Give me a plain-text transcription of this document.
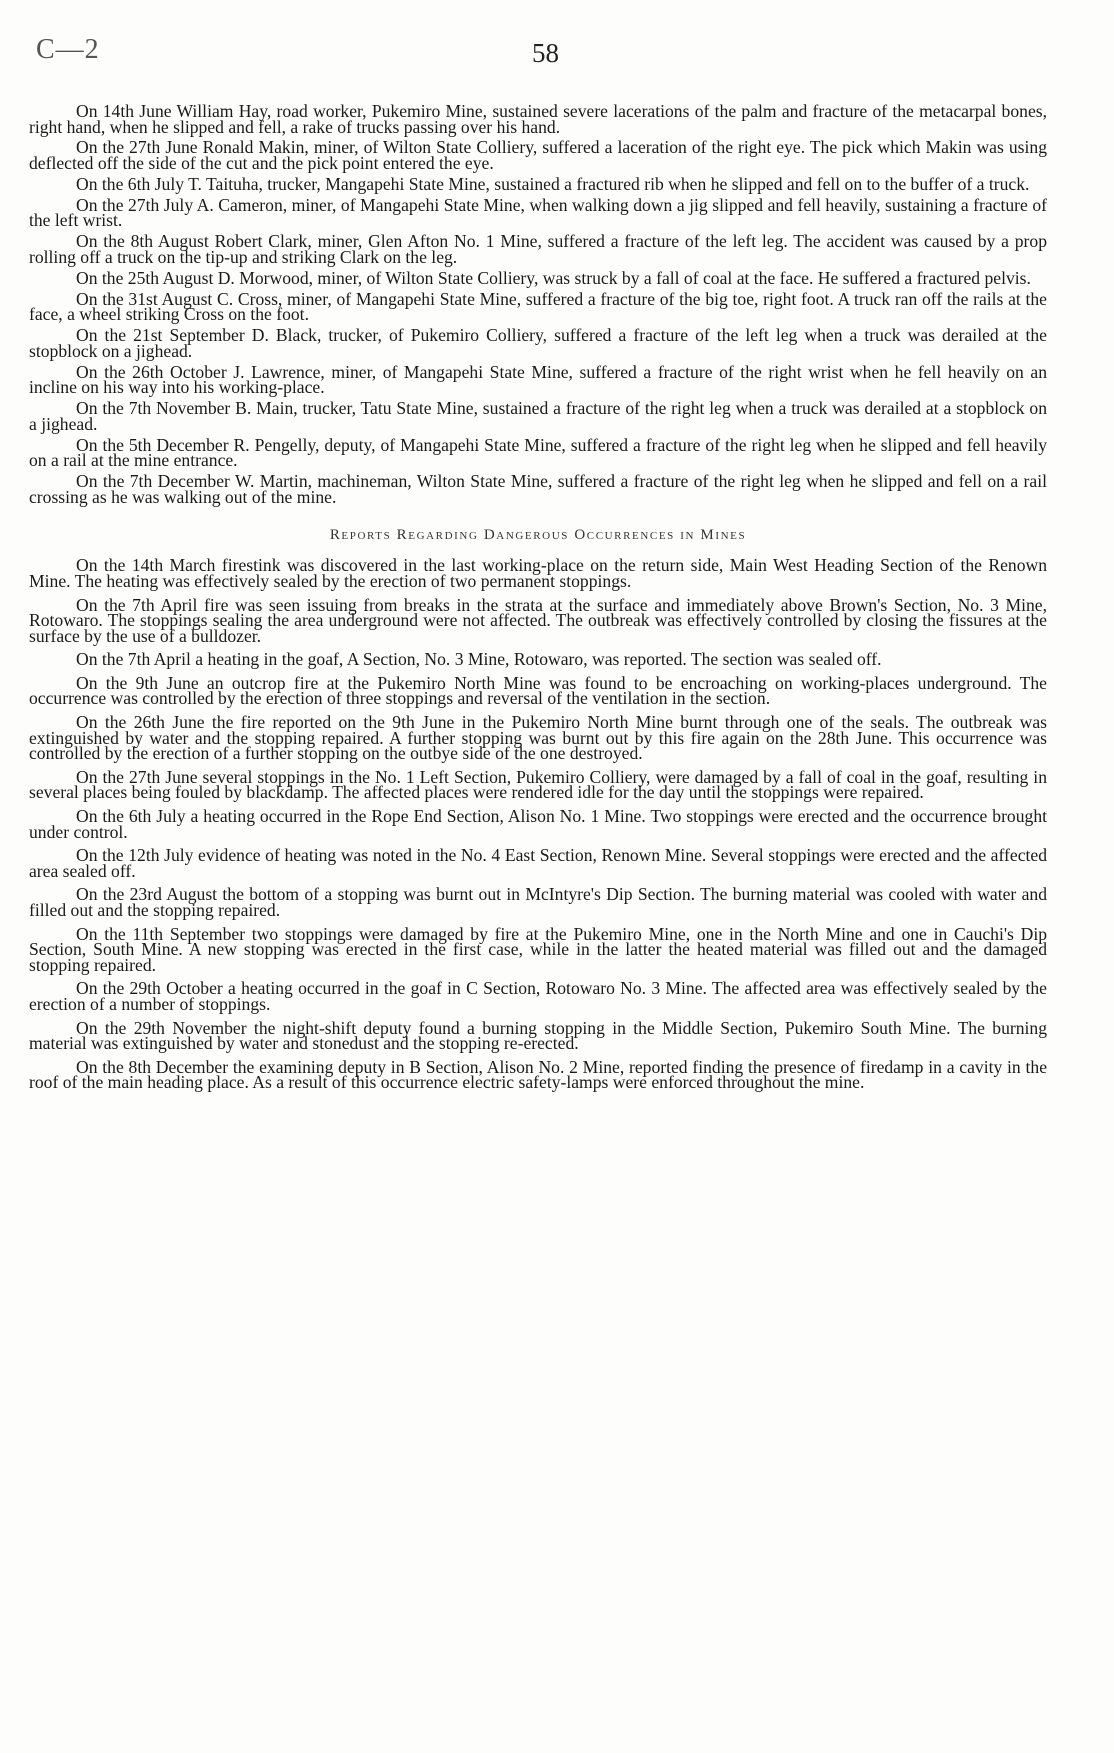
C—2	58

On 14th June William Hay, road worker, Pukemiro Mine, sustained severe lacerations of the palm and fracture of the metacarpal bones, right hand, when he slipped and fell, a rake of trucks passing over his hand.

On the 27th June Ronald Makin, miner, of Wilton State Colliery, suffered a laceration of the right eye. The pick which Makin was using deflected off the side of the cut and the pick point entered the eye.

On the 6th July T. Taituha, trucker, Mangapehi State Mine, sustained a fractured rib when he slipped and fell on to the buffer of a truck.

On the 27th July A. Cameron, miner, of Mangapehi State Mine, when walking down a jig slipped and fell heavily, sustaining a fracture of the left wrist.

On the 8th August Robert Clark, miner, Glen Afton No. 1 Mine, suffered a fracture of the left leg. The accident was caused by a prop rolling off a truck on the tip-up and striking Clark on the leg.

On the 25th August D. Morwood, miner, of Wilton State Colliery, was struck by a fall of coal at the face. He suffered a fractured pelvis.

On the 31st August C. Cross, miner, of Mangapehi State Mine, suffered a fracture of the big toe, right foot. A truck ran off the rails at the face, a wheel striking Cross on the foot.

On the 21st September D. Black, trucker, of Pukemiro Colliery, suffered a fracture of the left leg when a truck was derailed at the stopblock on a jighead.

On the 26th October J. Lawrence, miner, of Mangapehi State Mine, suffered a fracture of the right wrist when he fell heavily on an incline on his way into his working-place.

On the 7th November B. Main, trucker, Tatu State Mine, sustained a fracture of the right leg when a truck was derailed at a stopblock on a jighead.

On the 5th December R. Pengelly, deputy, of Mangapehi State Mine, suffered a fracture of the right leg when he slipped and fell heavily on a rail at the mine entrance.

On the 7th December W. Martin, machineman, Wilton State Mine, suffered a fracture of the right leg when he slipped and fell on a rail crossing as he was walking out of the mine.

Reports Regarding Dangerous Occurrences in Mines

On the 14th March firestink was discovered in the last working-place on the return side, Main West Heading Section of the Renown Mine. The heating was effectively sealed by the erection of two permanent stoppings.

On the 7th April fire was seen issuing from breaks in the strata at the surface and immediately above Brown's Section, No. 3 Mine, Rotowaro. The stoppings sealing the area underground were not affected. The outbreak was effectively controlled by closing the fissures at the surface by the use of a bulldozer.

On the 7th April a heating in the goaf, A Section, No. 3 Mine, Rotowaro, was reported. The section was sealed off.

On the 9th June an outcrop fire at the Pukemiro North Mine was found to be encroaching on working-places underground. The occurrence was controlled by the erection of three stoppings and reversal of the ventilation in the section.

On the 26th June the fire reported on the 9th June in the Pukemiro North Mine burnt through one of the seals. The outbreak was extinguished by water and the stopping repaired. A further stopping was burnt out by this fire again on the 28th June. This occurrence was controlled by the erection of a further stopping on the outbye side of the one destroyed.

On the 27th June several stoppings in the No. 1 Left Section, Pukemiro Colliery, were damaged by a fall of coal in the goaf, resulting in several places being fouled by blackdamp. The affected places were rendered idle for the day until the stoppings were repaired.

On the 6th July a heating occurred in the Rope End Section, Alison No. 1 Mine. Two stoppings were erected and the occurrence brought under control.

On the 12th July evidence of heating was noted in the No. 4 East Section, Renown Mine. Several stoppings were erected and the affected area sealed off.

On the 23rd August the bottom of a stopping was burnt out in McIntyre's Dip Section. The burning material was cooled with water and filled out and the stopping repaired.

On the 11th September two stoppings were damaged by fire at the Pukemiro Mine, one in the North Mine and one in Cauchi's Dip Section, South Mine. A new stopping was erected in the first case, while in the latter the heated material was filled out and the damaged stopping repaired.

On the 29th October a heating occurred in the goaf in C Section, Rotowaro No. 3 Mine. The affected area was effectively sealed by the erection of a number of stoppings.

On the 29th November the night-shift deputy found a burning stopping in the Middle Section, Pukemiro South Mine. The burning material was extinguished by water and stonedust and the stopping re-erected.

On the 8th December the examining deputy in B Section, Alison No. 2 Mine, reported finding the presence of firedamp in a cavity in the roof of the main heading place. As a result of this occurrence electric safety-lamps were enforced throughout the mine.
